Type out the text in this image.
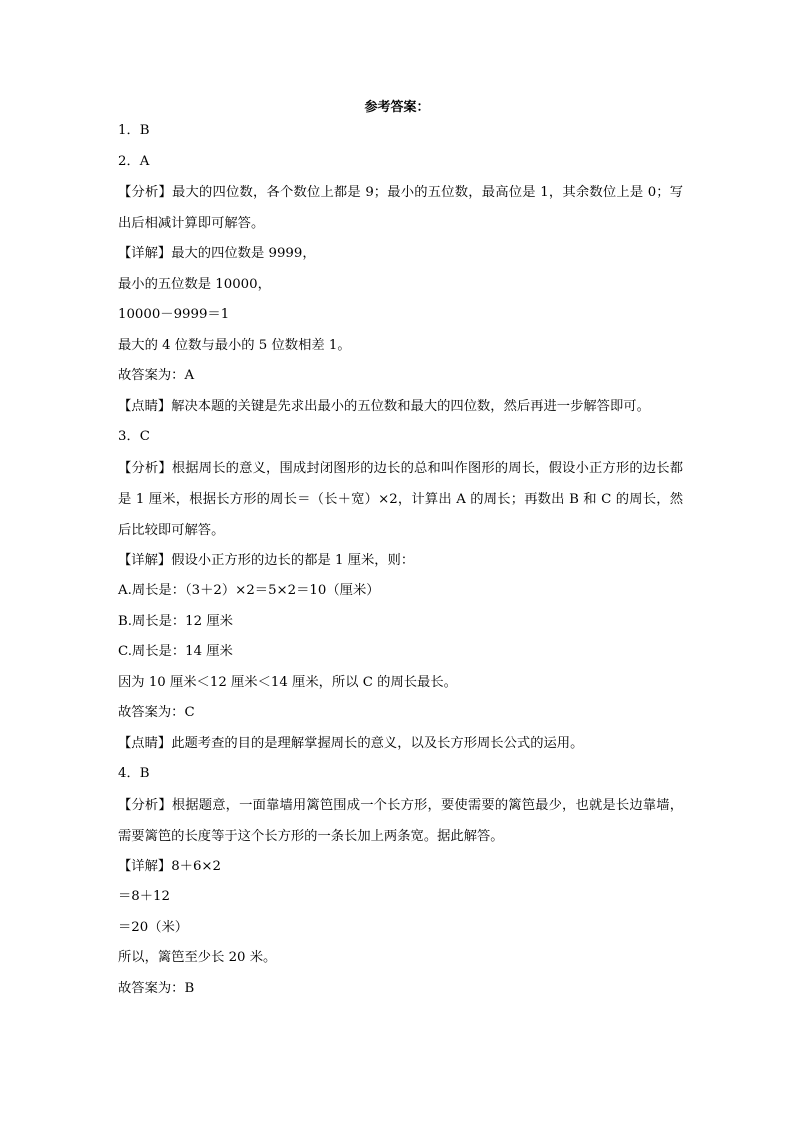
参考答案：
1．B
2．A
【分析】最大的四位数，各个数位上都是 9；最小的五位数，最高位是 1，其余数位上是 0；写出后相减计算即可解答。
【详解】最大的四位数是 9999，
最小的五位数是 10000，
10000－9999＝1
最大的 4 位数与最小的 5 位数相差 1。
故答案为：A
【点睛】解决本题的关键是先求出最小的五位数和最大的四位数，然后再进一步解答即可。
3．C
【分析】根据周长的意义，围成封闭图形的边长的总和叫作图形的周长，假设小正方形的边长都是 1 厘米，根据长方形的周长＝（长＋宽）×2，计算出 A 的周长；再数出 B 和 C 的周长，然后比较即可解答。
【详解】假设小正方形的边长的都是 1 厘米，则：
A.周长是：（3＋2）×2＝5×2＝10（厘米）
B.周长是：12 厘米
C.周长是：14 厘米
因为 10 厘米＜12 厘米＜14 厘米，所以 C 的周长最长。
故答案为：C
【点睛】此题考查的目的是理解掌握周长的意义，以及长方形周长公式的运用。
4．B
【分析】根据题意，一面靠墙用篱笆围成一个长方形，要使需要的篱笆最少，也就是长边靠墙，需要篱笆的长度等于这个长方形的一条长加上两条宽。据此解答。
【详解】8＋6×2
＝8＋12
＝20（米）
所以，篱笆至少长 20 米。
故答案为：B
